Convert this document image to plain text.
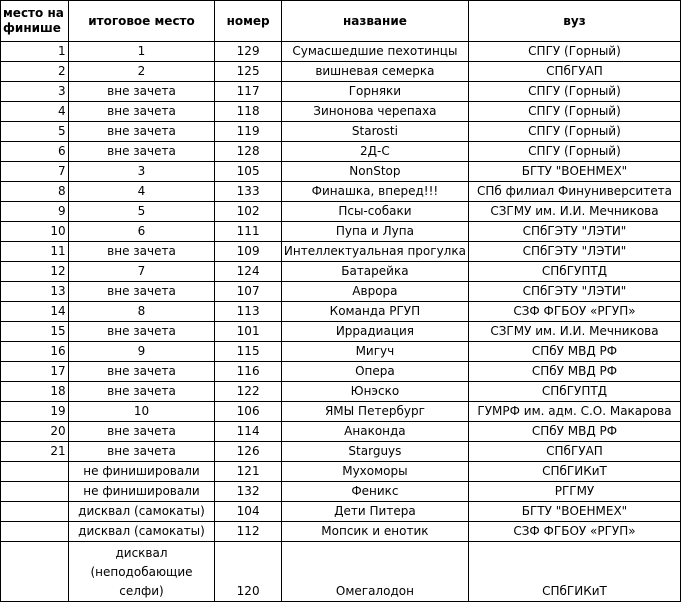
место на финише	итоговое место	номер	название	вуз
1	1	129	Сумасшедшие пехотинцы	СПГУ (Горный)
2	2	125	вишневая семерка	СПбГУАП
3	вне зачета	117	Горняки	СПГУ (Горный)
4	вне зачета	118	Зинонова черепаха	СПГУ (Горный)
5	вне зачета	119	Starosti	СПГУ (Горный)
6	вне зачета	128	2Д-С	СПГУ (Горный)
7	3	105	NonStop	БГТУ "ВОЕНМЕХ"
8	4	133	Финашка, вперед!!!	СПб филиал Финуниверситета
9	5	102	Псы-собаки	СЗГМУ им. И.И. Мечникова
10	6	111	Пупа и Лупа	СПбГЭТУ "ЛЭТИ"
11	вне зачета	109	Интеллектуальная прогулка	СПбГЭТУ "ЛЭТИ"
12	7	124	Батарейка	СПбГУПТД
13	вне зачета	107	Аврора	СПбГЭТУ "ЛЭТИ"
14	8	113	Команда РГУП	СЗФ ФГБОУ «РГУП»
15	вне зачета	101	Иррадиация	СЗГМУ им. И.И. Мечникова
16	9	115	Мигуч	СПбУ МВД РФ
17	вне зачета	116	Опера	СПбУ МВД РФ
18	вне зачета	122	Юнэско	СПбГУПТД
19	10	106	ЯМЫ Петербург	ГУМРФ им. адм. С.О. Макарова
20	вне зачета	114	Анаконда	СПбУ МВД РФ
21	вне зачета	126	Starguys	СПбГУАП
	не финишировали	121	Мухоморы	СПбГИКиТ
	не финишировали	132	Феникс	РГГМУ
	дисквал (самокаты)	104	Дети Питера	БГТУ "ВОЕНМЕХ"
	дисквал (самокаты)	112	Мопсик и енотик	СЗФ ФГБОУ «РГУП»
	дисквал (неподобающие селфи)	120	Омегалодон	СПбГИКиТ
